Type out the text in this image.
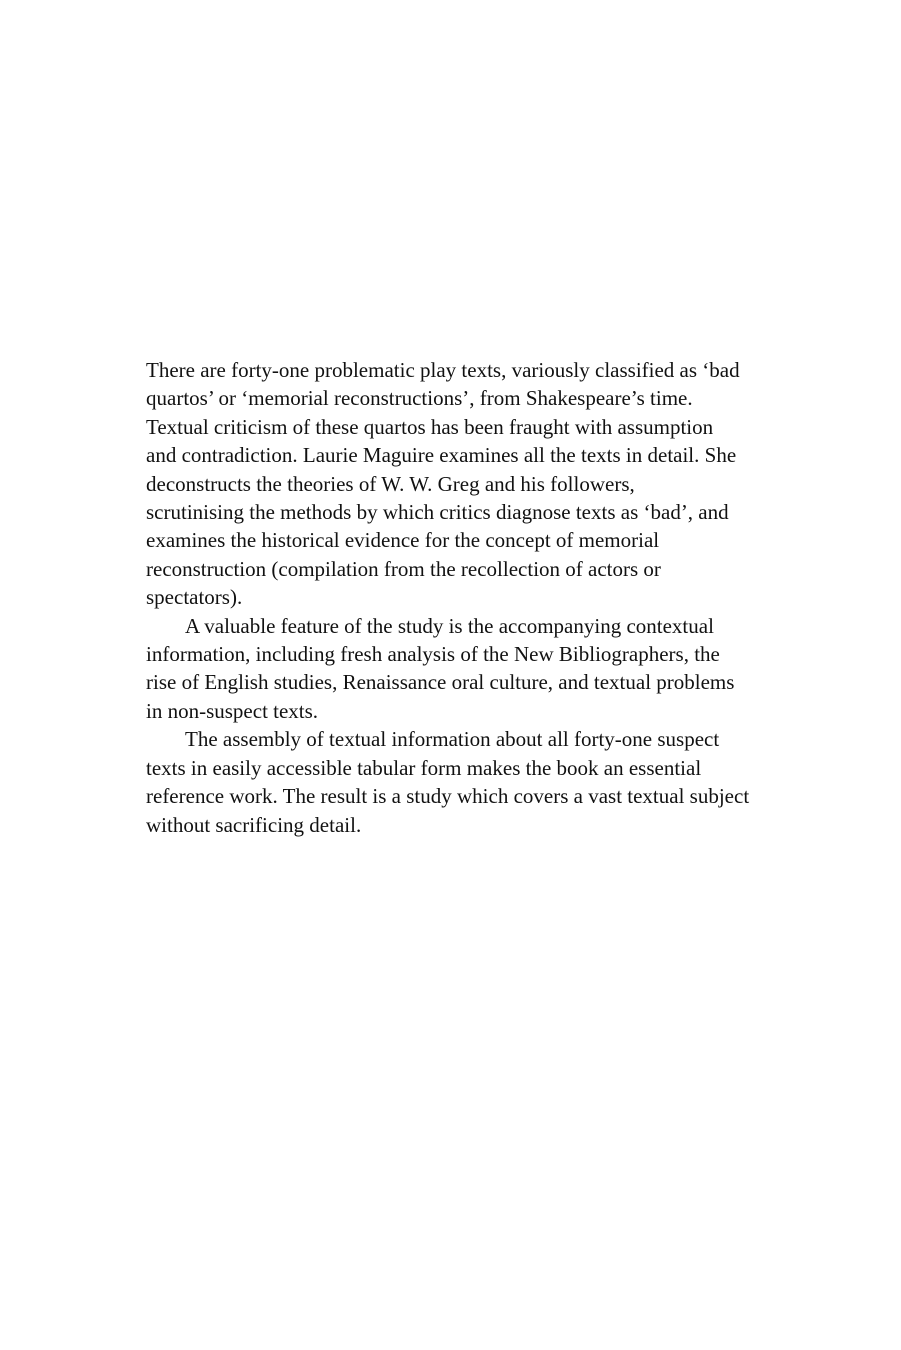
There are forty-one problematic play texts, variously classified as ‘bad
quartos’ or ‘memorial reconstructions’, from Shakespeare’s time.
Textual criticism of these quartos has been fraught with assumption
and contradiction. Laurie Maguire examines all the texts in detail. She
deconstructs the theories of W. W. Greg and his followers,
scrutinising the methods by which critics diagnose texts as ‘bad’, and
examines the historical evidence for the concept of memorial
reconstruction (compilation from the recollection of actors or
spectators).

A valuable feature of the study is the accompanying contextual
information, including fresh analysis of the New Bibliographers, the
rise of English studies, Renaissance oral culture, and textual problems
in non-suspect texts.

The assembly of textual information about all forty-one suspect
texts in easily accessible tabular form makes the book an essential
reference work. The result is a study which covers a vast textual subject
without sacrificing detail.
